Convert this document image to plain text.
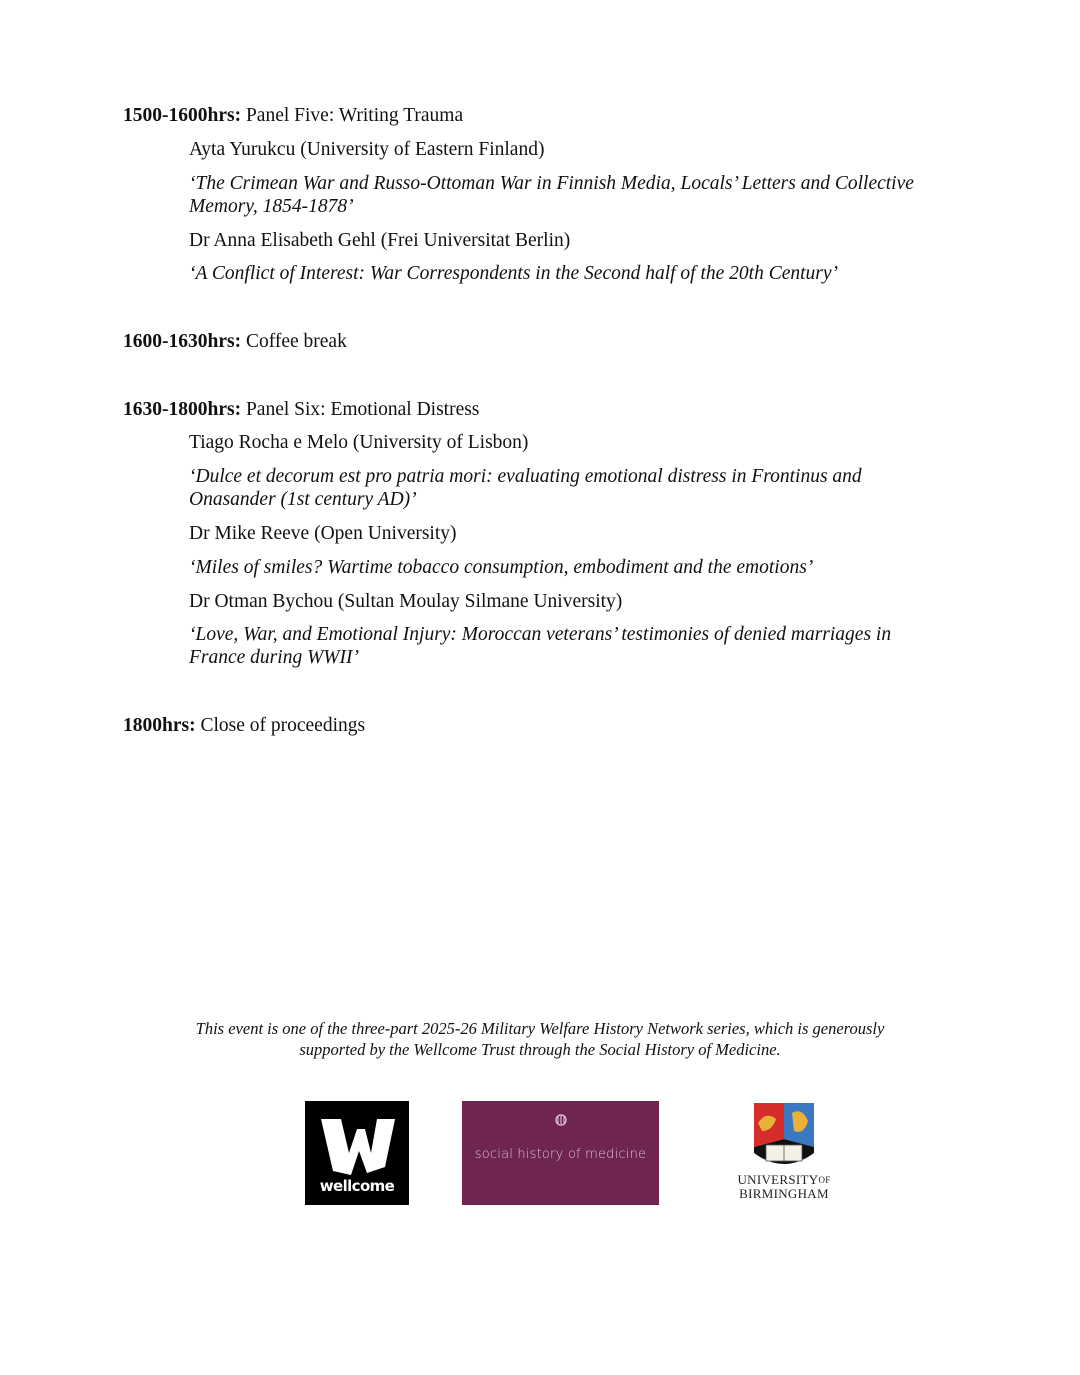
1500-1600hrs: Panel Five: Writing Trauma
Ayta Yurukcu (University of Eastern Finland)
‘The Crimean War and Russo-Ottoman War in Finnish Media, Locals’ Letters and Collective Memory, 1854-1878’
Dr Anna Elisabeth Gehl (Frei Universitat Berlin)
‘A Conflict of Interest: War Correspondents in the Second half of the 20th Century’
1600-1630hrs: Coffee break
1630-1800hrs: Panel Six: Emotional Distress
Tiago Rocha e Melo (University of Lisbon)
‘Dulce et decorum est pro patria mori: evaluating emotional distress in Frontinus and Onasander (1st century AD)’
Dr Mike Reeve (Open University)
‘Miles of smiles? Wartime tobacco consumption, embodiment and the emotions’
Dr Otman Bychou (Sultan Moulay Silmane University)
‘Love, War, and Emotional Injury: Moroccan veterans’ testimonies of denied marriages in France during WWII’
1800hrs: Close of proceedings
This event is one of the three-part 2025-26 Military Welfare History Network series, which is generously
supported by the Wellcome Trust through the Social History of Medicine.
wellcome
social history of medicine
$UNIVERSITY^{OF}$
BIRMINGHAM
